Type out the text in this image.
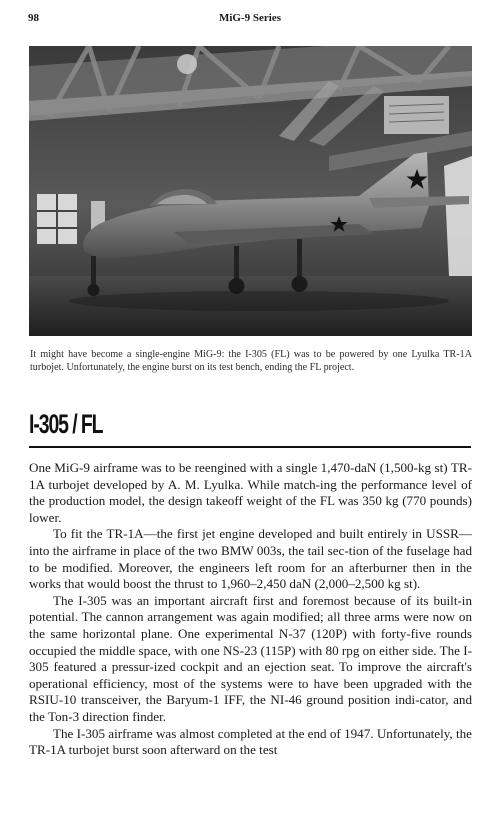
98	MiG-9 Series
It might have become a single-engine MiG-9: the I-305 (FL) was to be powered by one Lyulka TR-1A turbojet. Unfortunately, the engine burst on its test bench, ending the FL project.
I-305 / FL

One MiG-9 airframe was to be reengined with a single 1,470-daN (1,500-kg st) TR-1A turbojet developed by A. M. Lyulka. While match-ing the performance level of the production model, the design takeoff weight of the FL was 350 kg (770 pounds) lower.

To fit the TR-1A—the first jet engine developed and built entirely in USSR—into the airframe in place of the two BMW 003s, the tail sec-tion of the fuselage had to be modified. Moreover, the engineers left room for an afterburner then in the works that would boost the thrust to 1,960–2,450 daN (2,000–2,500 kg st).

The I-305 was an important aircraft first and foremost because of its built-in potential. The cannon arrangement was again modified; all three arms were now on the same horizontal plane. One experimental N-37 (120P) with forty-five rounds occupied the middle space, with one NS-23 (115P) with 80 rpg on either side. The I-305 featured a pressur-ized cockpit and an ejection seat. To improve the aircraft's operational efficiency, most of the systems were to have been upgraded with the RSIU-10 transceiver, the Baryum-1 IFF, the NI-46 ground position indi-cator, and the Ton-3 direction finder.

The I-305 airframe was almost completed at the end of 1947. Unfortunately, the TR-1A turbojet burst soon afterward on the test
